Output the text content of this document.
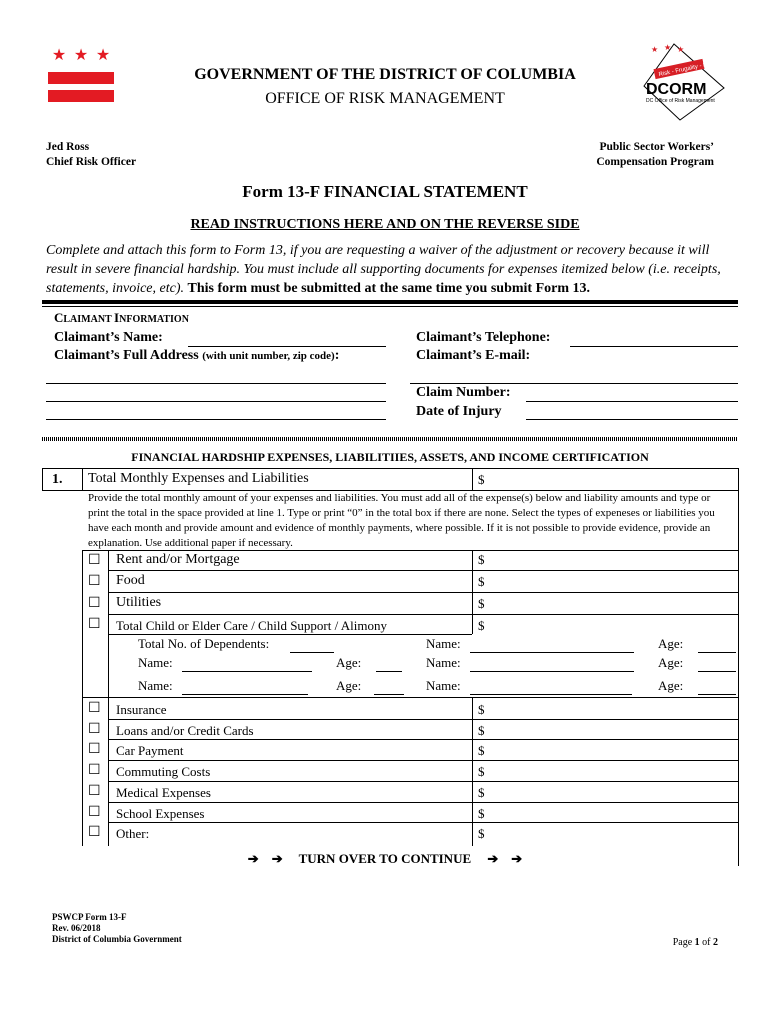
★ ★ ★
Risk - Frugality - Partners
★ ★ ★
DCORM
DC Office of Risk Management
GOVERNMENT OF THE DISTRICT OF COLUMBIA
OFFICE OF RISK MANAGEMENT
Jed Ross
Chief Risk Officer
Public Sector Workers’
Compensation Program
Form 13-F FINANCIAL STATEMENT
READ INSTRUCTIONS HERE AND ON THE REVERSE SIDE
Complete and attach this form to Form 13, if you are requesting a waiver of the adjustment or recovery because it will result in severe financial hardship. You must include all supporting documents for expenses itemized below (i.e. receipts, statements, invoice, etc). This form must be submitted at the same time you submit Form 13.
CLAIMANT INFORMATION
Claimant’s Name:
Claimant’s Full Address (with unit number, zip code):
Claimant’s Telephone:
Claimant’s E-mail:
Claim Number:
Date of Injury
FINANCIAL HARDSHIP EXPENSES, LIABILITIIES, ASSETS, AND INCOME CERTIFICATION
1. Total Monthly Expenses and Liabilities	$
Provide the total monthly amount of your expenses and liabilities. You must add all of the expense(s) below and liability amounts and type or print the total in the space provided at line 1. Type or print “0” in the total box if there are none. Select the types of expeneses or liabilities you have each month and provide amount and evidence of monthly payments, where possible. If it is not possible to provide evidence, provide an explanation. Use additional paper if necessary.
☐ Rent and/or Mortgage	$
☐ Food	$
☐ Utilities	$
☐ Total Child or Elder Care / Child Support / Alimony	$
Total No. of Dependents:	Name:	Age:
Name:	Age:	Name:	Age:
Name:	Age:	Name:	Age:
☐ Insurance	$
☐ Loans and/or Credit Cards	$
☐ Car Payment	$
☐ Commuting Costs	$
☐ Medical Expenses	$
☐ School Expenses	$
☐ Other:	$
➔ ➔ TURN OVER TO CONTINUE ➔ ➔
PSWCP Form 13-F
Rev. 06/2018
District of Columbia Government	Page 1 of 2
